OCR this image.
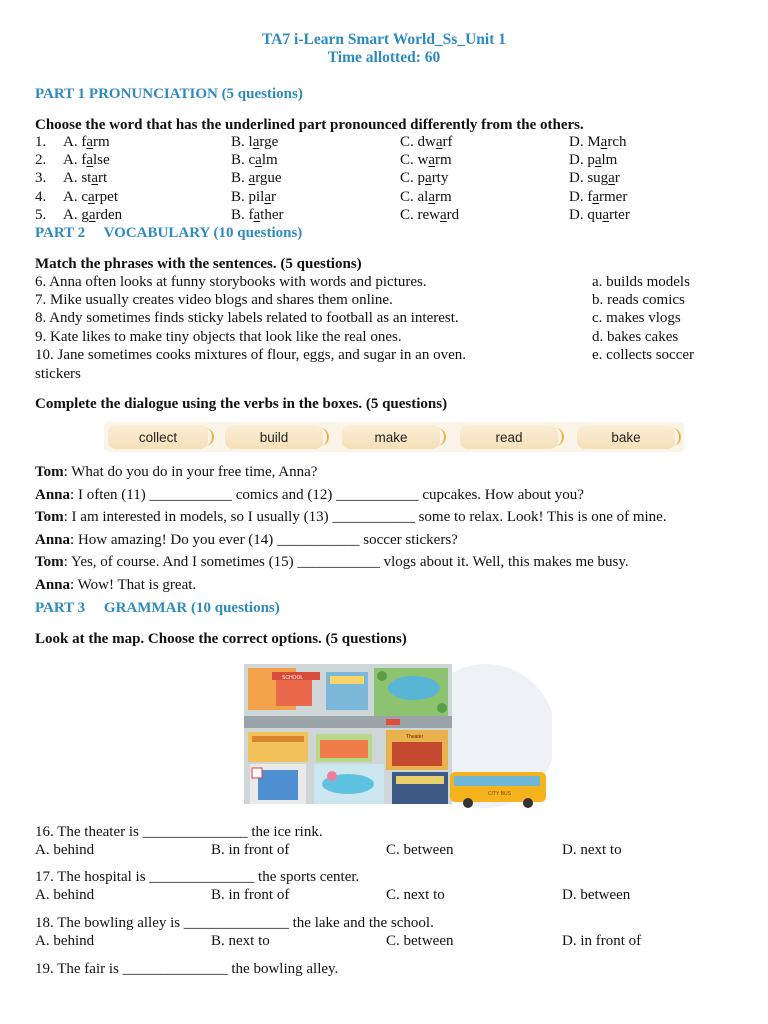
TA7 i-Learn Smart World_Ss_Unit 1
Time allotted: 60
PART 1 PRONUNCIATION (5 questions)
Choose the word that has the underlined part pronounced differently from the others.
1. A. farm	B. large	C. dwarf	D. March
2. A. false	B. calm	C. warm	D. palm
3. A. start	B. argue	C. party	D. sugar
4. A. carpet	B. pilar	C. alarm	D. farmer
5. A. garden	B. father	C. reward	D. quarter
PART 2     VOCABULARY (10 questions)
Match the phrases with the sentences. (5 questions)
6. Anna often looks at funny storybooks with words and pictures.	a. builds models
7. Mike usually creates video blogs and shares them online.	b. reads comics
8. Andy sometimes finds sticky labels related to football as an interest.	c. makes vlogs
9. Kate likes to make tiny objects that look like the real ones.	d. bakes cakes
10. Jane sometimes cooks mixtures of flour, eggs, and sugar in an oven.	e. collects soccer
stickers
Complete the dialogue using the verbs in the boxes. (5 questions)
collect	build	make	read	bake
Tom: What do you do in your free time, Anna?
Anna: I often (11) ___________ comics and (12) ___________ cupcakes. How about you?
Tom: I am interested in models, so I usually (13) ___________ some to relax. Look! This is one of mine.
Anna: How amazing! Do you ever (14) ___________ soccer stickers?
Tom: Yes, of course. And I sometimes (15) ___________ vlogs about it. Well, this makes me busy.
Anna: Wow! That is great.
PART 3     GRAMMAR (10 questions)
Look at the map. Choose the correct options. (5 questions)
SCHOOL
Theater
CITY BUS
16. The theater is ______________ the ice rink.
A. behind	B. in front of	C. between	D. next to
17. The hospital is ______________ the sports center.
A. behind	B. in front of	C. next to	D. between
18. The bowling alley is ______________ the lake and the school.
A. behind	B. next to	C. between	D. in front of
19. The fair is ______________ the bowling alley.
